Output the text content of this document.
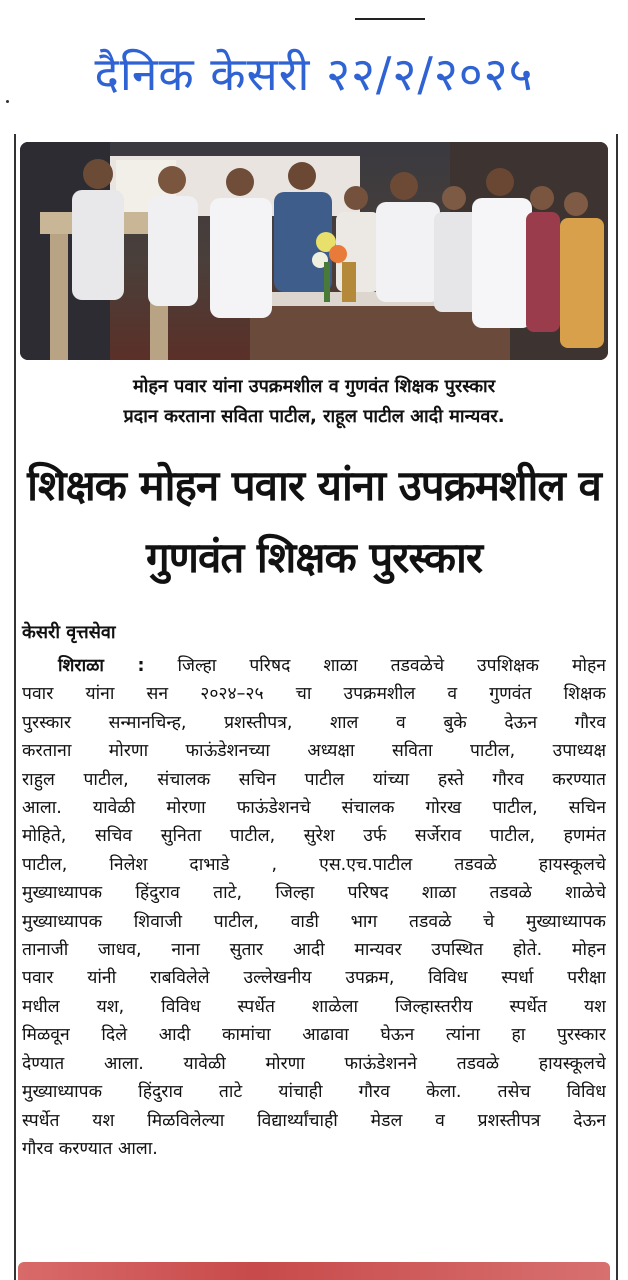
दैनिक केसरी २२/२/२०२५
मोहन पवार यांना उपक्रमशील व गुणवंत शिक्षक पुरस्कार
प्रदान करताना सविता पाटील, राहूल पाटील आदी मान्यवर.
शिक्षक मोहन पवार यांना उपक्रमशील व
गुणवंत शिक्षक पुरस्कार
केसरी वृत्तसेवा
शिराळा : जिल्हा परिषद शाळा तडवळेचे उपशिक्षक मोहन
पवार यांना सन २०२४–२५ चा उपक्रमशील व गुणवंत शिक्षक
पुरस्कार सन्मानचिन्ह, प्रशस्तीपत्र, शाल व बुके देऊन गौरव
करताना मोरणा फाऊंडेशनच्या अध्यक्षा सविता पाटील, उपाध्यक्ष
राहुल पाटील, संचालक सचिन पाटील यांच्या हस्ते गौरव करण्यात
आला. यावेळी मोरणा फाऊंडेशनचे संचालक गोरख पाटील, सचिन
मोहिते, सचिव सुनिता पाटील, सुरेश उर्फ सर्जेराव पाटील, हणमंत
पाटील, निलेश दाभाडे , एस.एच.पाटील तडवळे हायस्कूलचे
मुख्याध्यापक हिंदुराव ताटे, जिल्हा परिषद शाळा तडवळे शाळेचे
मुख्याध्यापक शिवाजी पाटील, वाडी भाग तडवळे चे मुख्याध्यापक
तानाजी जाधव, नाना सुतार आदी मान्यवर उपस्थित होते. मोहन
पवार यांनी राबविलेले उल्लेखनीय उपक्रम, विविध स्पर्धा परीक्षा
मधील यश, विविध स्पर्धेत शाळेला जिल्हास्तरीय स्पर्धेत यश
मिळवून दिले आदी कामांचा आढावा घेऊन त्यांना हा पुरस्कार
देण्यात आला. यावेळी मोरणा फाऊंडेशनने तडवळे हायस्कूलचे
मुख्याध्यापक हिंदुराव ताटे यांचाही गौरव केला. तसेच विविध
स्पर्धेत यश मिळविलेल्या विद्यार्थ्यांचाही मेडल व प्रशस्तीपत्र देऊन
गौरव करण्यात आला.
